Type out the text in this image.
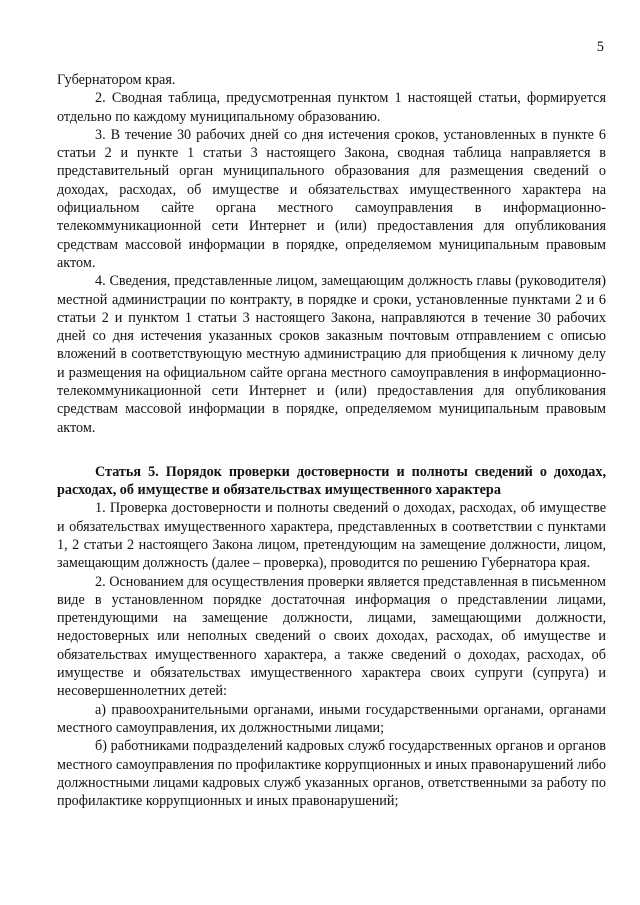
5

Губернатором края.

2. Сводная таблица, предусмотренная пунктом 1 настоящей статьи, формируется отдельно по каждому муниципальному образованию.

3. В течение 30 рабочих дней со дня истечения сроков, установленных в пункте 6 статьи 2 и пункте 1 статьи 3 настоящего Закона, сводная таблица направляется в представительный орган муниципального образования для размещения сведений о доходах, расходах, об имуществе и обязательствах имущественного характера на официальном сайте органа местного самоуправления в информационно-телекоммуникационной сети Интернет и (или) предоставления для опубликования средствам массовой информации в порядке, определяемом муниципальным правовым актом.

4. Сведения, представленные лицом, замещающим должность главы (руководителя) местной администрации по контракту, в порядке и сроки, установленные пунктами 2 и 6 статьи 2 и пунктом 1 статьи 3 настоящего Закона, направляются в течение 30 рабочих дней со дня истечения указанных сроков заказным почтовым отправлением с описью вложений в соответствующую местную администрацию для приобщения к личному делу и размещения на официальном сайте органа местного самоуправления в информационно-телекоммуникационной сети Интернет и (или) предоставления для опубликования средствам массовой информации в порядке, определяемом муниципальным правовым актом.

Статья 5. Порядок проверки достоверности и полноты сведений о доходах, расходах, об имуществе и обязательствах имущественного характера

1. Проверка достоверности и полноты сведений о доходах, расходах, об имуществе и обязательствах имущественного характера, представленных в соответствии с пунктами 1, 2 статьи 2 настоящего Закона лицом, претендующим на замещение должности, лицом, замещающим должность (далее – проверка), проводится по решению Губернатора края.

2. Основанием для осуществления проверки является представленная в письменном виде в установленном порядке достаточная информация о представлении лицами, претендующими на замещение должности, лицами, замещающими должности, недостоверных или неполных сведений о своих доходах, расходах, об имуществе и обязательствах имущественного характера, а также сведений о доходах, расходах, об имуществе и обязательствах имущественного характера своих супруги (супруга) и несовершеннолетних детей:

а) правоохранительными органами, иными государственными органами, органами местного самоуправления, их должностными лицами;

б) работниками подразделений кадровых служб государственных органов и органов местного самоуправления по профилактике коррупционных и иных правонарушений либо должностными лицами кадровых служб указанных органов, ответственными за работу по профилактике коррупционных и иных правонарушений;
